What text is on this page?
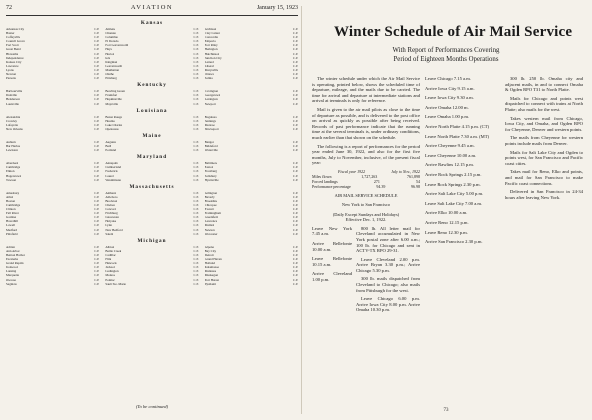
72	AVIATION	January 15, 1923
Kansas
Arkansas City	C.P. Abilene	C.P. Atchison	C.P.
Baxter	C.P. Chanute	C.P. Clay Center	C.P.
Coffeyville	C.P. Columbus	C.P. Concordia	C.P.
Council Grove	C.P. El Dorado	C.P. Emporia	C.P.
Fort Scott	C.P. Fort Leavenworth	C.P. Fort Riley	C.P.
Great Bend	C.P. Hays	C.P. Herington	C.P.
Hiawatha	C.P. Horton	C.P. Hutchinson	C.P.
Independence	C.P. Iola	C.P. Junction City	C.P.
Kansas City	C.P. Kingman	C.P. Larned	C.P.
Lawrence	C.P. Leavenworth	C.P. Liberal	C.P.
Lyons	C.P. Manhattan	C.P. Marysville	C.P.
Newton	C.P. Olathe	C.P. Ottawa	C.P.
Parsons	C.P. Pittsburg	C.P. Salina	C.P.
Kentucky
Barbourville	C.P. Bowling Green	C.P. Covington	C.P.
Danville	C.P. Frankfort	C.P. Georgetown	C.P.
Henderson	C.P. Hopkinsville	C.P. Lexington	C.P.
Louisville	C.P. Maysville	C.P. Newport	C.P.
Louisiana
Alexandria	C.P. Baton Rouge	C.P. Bogalusa	C.P.
Crowley	C.P. Houma	C.P. Jennings	C.P.
Lafayette	C.P. Lake Charles	C.P. Monroe	C.P.
New Orleans	C.P. Opelousas	C.P. Shreveport	C.P.
Maine
Auburn	C.P. Augusta	C.P. Bangor	C.P.
Bar Harbor	C.P. Bath	C.P. Biddeford	C.P.
Lewiston	C.P. Portland	C.P. Waterville	C.P.
Maryland
Aberdeen	C.P. Annapolis	C.P. Baltimore	C.P.
Cambridge	C.P. Cumberland	C.P. Easton	C.P.
Elkton	C.P. Frederick	C.P. Frostburg	C.P.
Hagerstown	C.P. Laurel	C.P. Salisbury	C.P.
Towson	C.P. Westminster	C.P. Hyattsville	C.P.
Massachusetts
Amesbury	C.P. Amherst	C.P. Arlington	C.P.
Athol	C.P. Attleboro	C.P. Beverly	C.P.
Boston	C.P. Brockton	C.P. Brookline	C.P.
Cambridge	C.P. Chelsea	C.P. Chicopee	C.P.
Clinton	C.P. Concord	C.P. Everett	C.P.
Fall River	C.P. Fitchburg	C.P. Framingham	C.P.
Gardner	C.P. Gloucester	C.P. Greenfield	C.P.
Haverhill	C.P. Holyoke	C.P. Lawrence	C.P.
Lowell	C.P. Lynn	C.P. Malden	C.P.
Medford	C.P. New Bedford	C.P. Newton	C.P.
Pittsfield	C.P. Salem	C.P. Worcester	C.P.
Michigan
Adrian	C.P. Albion	C.P. Alpena	C.P.
Ann Arbor	C.P. Battle Creek	C.P. Bay City	C.P.
Benton Harbor	C.P. Cadillac	C.P. Detroit	C.P.
Escanaba	C.P. Flint	C.P. Grand Haven	C.P.
Grand Rapids	C.P. Hancock	C.P. Holland	C.P.
Ironwood	C.P. Jackson	C.P. Kalamazoo	C.P.
Lansing	C.P. Ludington	C.P. Manistee	C.P.
Marquette	C.P. Monroe	C.P. Muskegon	C.P.
Owosso	C.P. Pontiac	C.P. Port Huron	C.P.
Saginaw	C.P. Sault Ste. Marie	C.P. Ypsilanti	C.P.
(To be continued)
Winter Schedule of Air Mail Service
With Report of Performances Covering
Period of Eighteen Months Operations

The winter schedule under which the Air Mail Service is operating, printed below, shows the scheduled time of departure, mileage, and the mails due to be carried. The time for arrival and departure at intermediate stations and arrival at terminals is only for reference.

Mail is given to the air mail pilots as close to the time of departure as possible, and is delivered to the post office on arrival as quickly as possible after being received. Records of past performance indicate that the running time at the several terminals is, under ordinary conditions, much earlier than that shown on the schedule.

The following is a report of performances for the period year ended June 30, 1922, and also for the first five months, July to November, inclusive, of the present fiscal year:

Fiscal year 1922	July to Nov., 1922
Miles flown	1,727,263	761,898
Forced landings	271	54
Performance percentage	94.39	96.98
AIR MAIL SERVICE SCHEDULE
New York to San Francisco
(Daily Except Sundays and Holidays)
Effective Dec. 1, 1922.
Leave New York 7.45 a.m.
Arrive Bellefonte 10.00 a.m.
Leave Bellefonte 10.15 a.m.
Arrive Cleveland 1.00 p.m.

800 lb. All letter mail for Cleveland accumulated in New York postal zone after 6.00 a.m.; 100 lb. for Chicago and sent in ACTV-TX RPO 29-31.

Leave Cleveland 2.00 p.m. Arrive Bryan 3.30 p.m.; Arrive Chicago 5.30 p.m.

300 lb. mails dispatched from Cleveland to Chicago; also mails from Pittsburgh for the west.

Leave Chicago 6.00 p.m. Arrive Iowa City 8.00 p.m. Arrive Omaha 10.30 p.m.

Leave Chicago 7.15 a.m.
Arrive Iowa City 9.15 a.m.
Leave Iowa City 9.30 a.m.
Arrive Omaha 12.00 m.
Leave Omaha 1.00 p.m.
Arrive North Platte 4.15 p.m. (CT)
Leave North Platte 7.30 a.m. (MT)
Arrive Cheyenne 9.45 a.m.
Leave Cheyenne 10.00 a.m.
Arrive Rawlins 12.15 p.m.
Arrive Rock Springs 2.15 p.m.
Leave Rock Springs 2.30 p.m.
Arrive Salt Lake City 5.00 p.m.
Leave Salt Lake City 7.00 a.m.
Arrive Elko 10.00 a.m.
Arrive Reno 12.15 p.m.
Leave Reno 12.30 p.m.
Arrive San Francisco 2.30 p.m.

300 lb. 250 lb. Omaha city and adjacent mails, in and to connect Omaha & Ogden RPO T31 to North Platte.

Mails for Chicago and points west dispatched to connect with trains at North Platte; also mails for the west.

Takes western mail from Chicago, Iowa City, and Omaha, and Ogden RPO for Cheyenne, Denver and western points.

The mails from Cheyenne for western points include mails from Denver.

Mails for Salt Lake City and Ogden to points west, for San Francisco and Pacific coast cities.

Takes mail for Reno, Elko and points, and mail for San Francisco to make Pacific coast connections.

Delivered in San Francisco in 24-34 hours after leaving New York.

73
